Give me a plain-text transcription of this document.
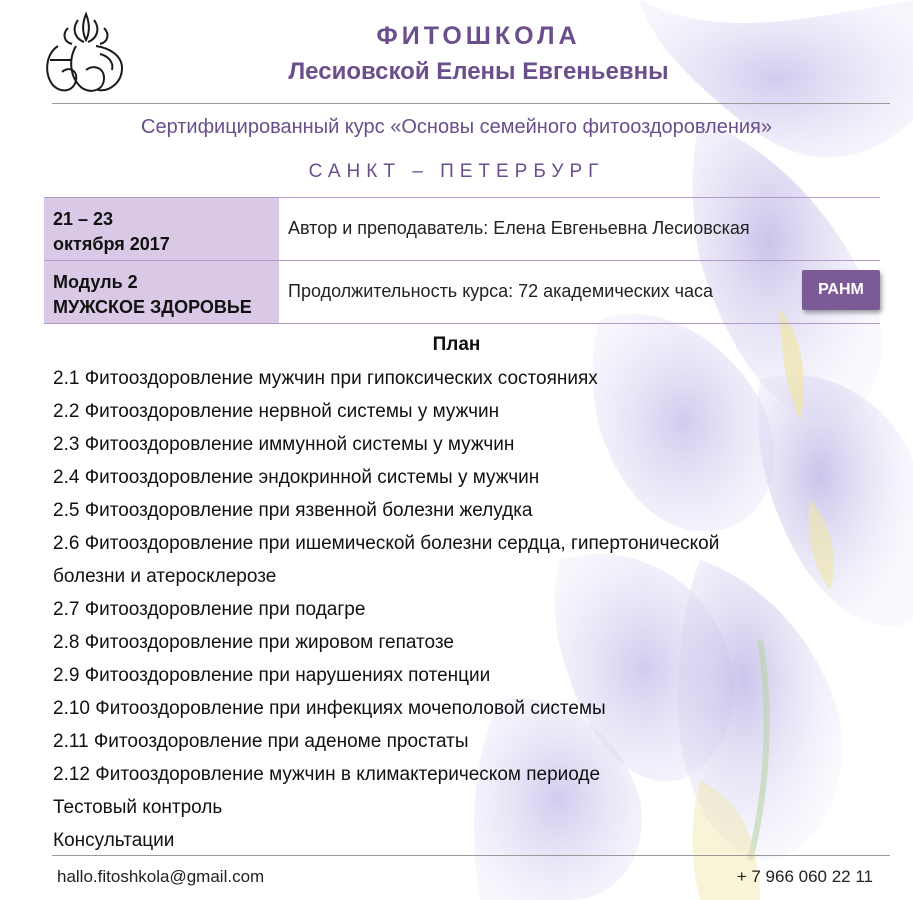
ФИТОШКОЛА
Лесиовской Елены Евгеньевны
Сертифицированный курс «Основы семейного фитооздоровления»
САНКТ – ПЕТЕРБУРГ
21 – 23
октября 2017
Автор и преподаватель: Елена Евгеньевна Лесиовская
Модуль 2
МУЖСКОЕ ЗДОРОВЬЕ
Продолжительность курса: 72 академических часа	РАНМ
План
2.1 Фитооздоровление мужчин при гипоксических состояниях
2.2 Фитооздоровление нервной системы у мужчин
2.3 Фитооздоровление иммунной системы у мужчин
2.4 Фитооздоровление эндокринной системы у мужчин
2.5 Фитооздоровление при язвенной болезни желудка
2.6 Фитооздоровление при ишемической болезни сердца, гипертонической
болезни и атеросклерозе
2.7 Фитооздоровление при подагре
2.8 Фитооздоровление при жировом гепатозе
2.9 Фитооздоровление при нарушениях потенции
2.10 Фитооздоровление при инфекциях мочеполовой системы
2.11 Фитооздоровление при аденоме простаты
2.12 Фитооздоровление мужчин в климактерическом периоде
Тестовый контроль
Консультации
hallo.fitoshkola@gmail.com	+ 7 966 060 22 11
